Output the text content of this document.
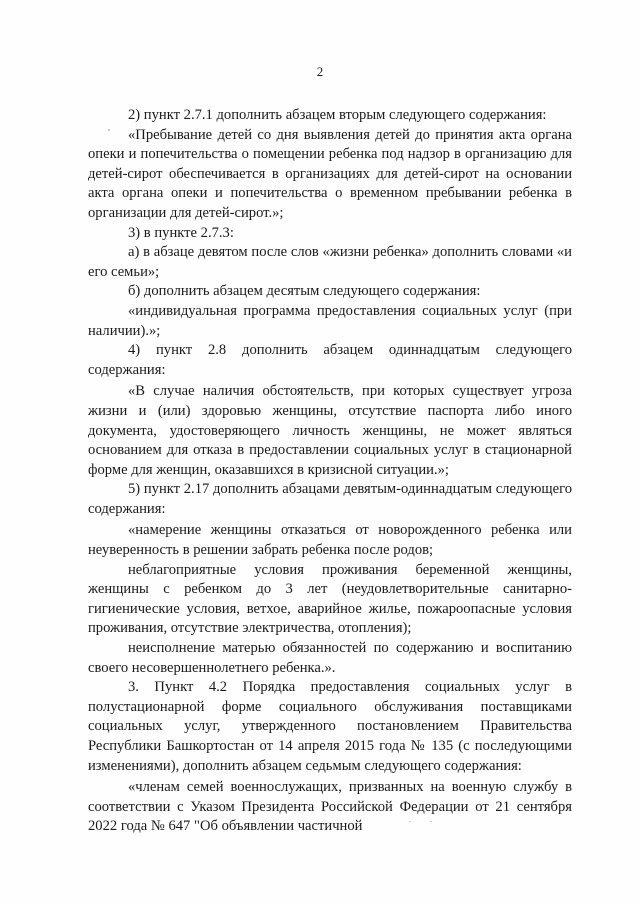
2

2) пункт 2.7.1 дополнить абзацем вторым следующего содержания:

«Пребывание детей со дня выявления детей до принятия акта органа опеки и попечительства о помещении ребенка под надзор в организацию для детей-сирот обеспечивается в организациях для детей-сирот на основании акта органа опеки и попечительства о временном пребывании ребенка в организации для детей-сирот.»;

3) в пункте 2.7.3:

а) в абзаце девятом после слов «жизни ребенка» дополнить словами «и его семьи»;

б) дополнить абзацем десятым следующего содержания:

«индивидуальная программа предоставления социальных услуг (при наличии).»;

4) пункт 2.8 дополнить абзацем одиннадцатым следующего содержания:

«В случае наличия обстоятельств, при которых существует угроза жизни и (или) здоровью женщины, отсутствие паспорта либо иного документа, удостоверяющего личность женщины, не может являться основанием для отказа в предоставлении социальных услуг в стационарной форме для женщин, оказавшихся в кризисной ситуации.»;

5) пункт 2.17 дополнить абзацами девятым-одиннадцатым следующего содержания:

«намерение женщины отказаться от новорожденного ребенка или неуверенность в решении забрать ребенка после родов;

неблагоприятные условия проживания беременной женщины, женщины с ребенком до 3 лет (неудовлетворительные санитарно-гигиенические условия, ветхое, аварийное жилье, пожароопасные условия проживания, отсутствие электричества, отопления);

неисполнение матерью обязанностей по содержанию и воспитанию своего несовершеннолетнего ребенка.».

3. Пункт 4.2 Порядка предоставления социальных услуг в полустационарной форме социального обслуживания поставщиками социальных услуг, утвержденного постановлением Правительства Республики Башкортостан от 14 апреля 2015 года № 135 (с последующими изменениями), дополнить абзацем седьмым следующего содержания:

«членам семей военнослужащих, призванных на военную службу в соответствии с Указом Президента Российской Федерации от 21 сентября 2022 года № 647 "Об объявлении частичной
